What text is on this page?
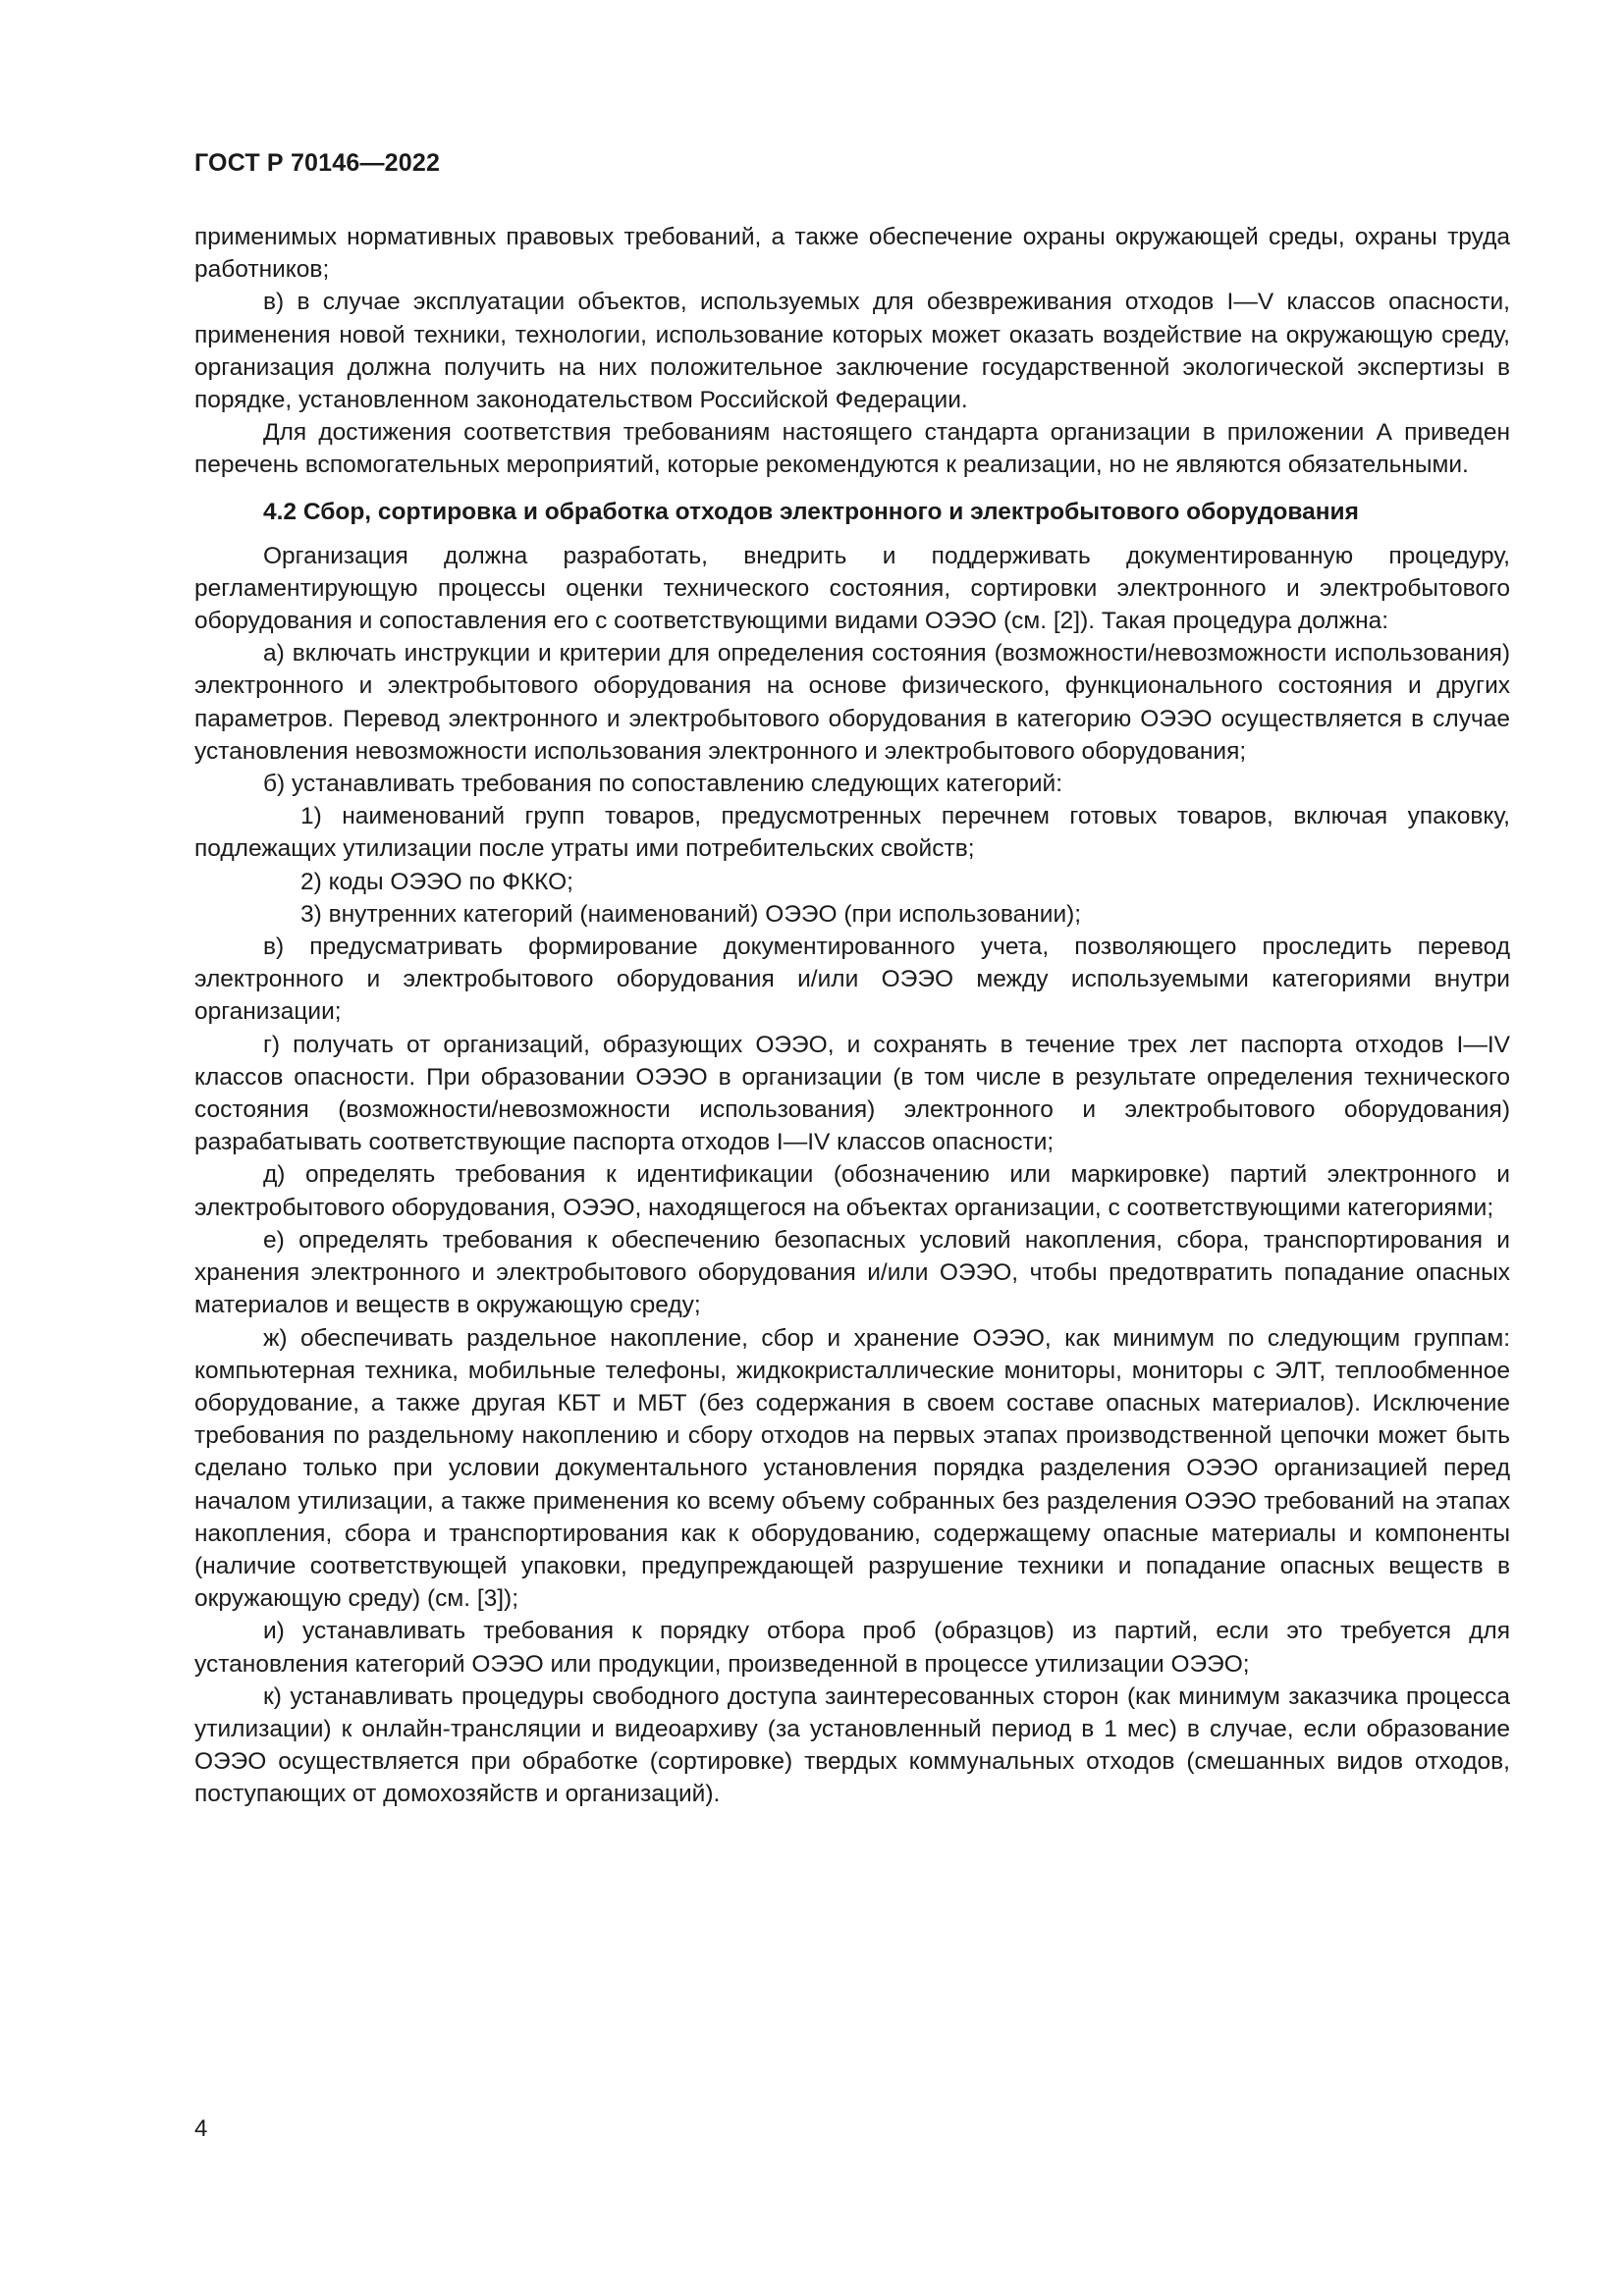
ГОСТ Р 70146—2022

применимых нормативных правовых требований, а также обеспечение охраны окружающей среды, охраны труда работников;

в) в случае эксплуатации объектов, используемых для обезвреживания отходов I—V классов опасности, применения новой техники, технологии, использование которых может оказать воздействие на окружающую среду, организация должна получить на них положительное заключение государственной экологической экспертизы в порядке, установленном законодательством Российской Федерации.

Для достижения соответствия требованиям настоящего стандарта организации в приложении А приведен перечень вспомогательных мероприятий, которые рекомендуются к реализации, но не являются обязательными.

4.2 Сбор, сортировка и обработка отходов электронного и электробытового оборудования

Организация должна разработать, внедрить и поддерживать документированную процедуру, регламентирующую процессы оценки технического состояния, сортировки электронного и электробытового оборудования и сопоставления его с соответствующими видами ОЭЭО (см. [2]). Такая процедура должна:

а) включать инструкции и критерии для определения состояния (возможности/невозможности использования) электронного и электробытового оборудования на основе физического, функционального состояния и других параметров. Перевод электронного и электробытового оборудования в категорию ОЭЭО осуществляется в случае установления невозможности использования электронного и электробытового оборудования;

б) устанавливать требования по сопоставлению следующих категорий:

1) наименований групп товаров, предусмотренных перечнем готовых товаров, включая упаковку, подлежащих утилизации после утраты ими потребительских свойств;

2) коды ОЭЭО по ФККО;

3) внутренних категорий (наименований) ОЭЭО (при использовании);

в) предусматривать формирование документированного учета, позволяющего проследить перевод электронного и электробытового оборудования и/или ОЭЭО между используемыми категориями внутри организации;

г) получать от организаций, образующих ОЭЭО, и сохранять в течение трех лет паспорта отходов I—IV классов опасности. При образовании ОЭЭО в организации (в том числе в результате определения технического состояния (возможности/невозможности использования) электронного и электробытового оборудования) разрабатывать соответствующие паспорта отходов I—IV классов опасности;

д) определять требования к идентификации (обозначению или маркировке) партий электронного и электробытового оборудования, ОЭЭО, находящегося на объектах организации, с соответствующими категориями;

е) определять требования к обеспечению безопасных условий накопления, сбора, транспортирования и хранения электронного и электробытового оборудования и/или ОЭЭО, чтобы предотвратить попадание опасных материалов и веществ в окружающую среду;

ж) обеспечивать раздельное накопление, сбор и хранение ОЭЭО, как минимум по следующим группам: компьютерная техника, мобильные телефоны, жидкокристаллические мониторы, мониторы с ЭЛТ, теплообменное оборудование, а также другая КБТ и МБТ (без содержания в своем составе опасных материалов). Исключение требования по раздельному накоплению и сбору отходов на первых этапах производственной цепочки может быть сделано только при условии документального установления порядка разделения ОЭЭО организацией перед началом утилизации, а также применения ко всему объему собранных без разделения ОЭЭО требований на этапах накопления, сбора и транспортирования как к оборудованию, содержащему опасные материалы и компоненты (наличие соответствующей упаковки, предупреждающей разрушение техники и попадание опасных веществ в окружающую среду) (см. [3]);

и) устанавливать требования к порядку отбора проб (образцов) из партий, если это требуется для установления категорий ОЭЭО или продукции, произведенной в процессе утилизации ОЭЭО;

к) устанавливать процедуры свободного доступа заинтересованных сторон (как минимум заказчика процесса утилизации) к онлайн-трансляции и видеоархиву (за установленный период в 1 мес) в случае, если образование ОЭЭО осуществляется при обработке (сортировке) твердых коммунальных отходов (смешанных видов отходов, поступающих от домохозяйств и организаций).

4
